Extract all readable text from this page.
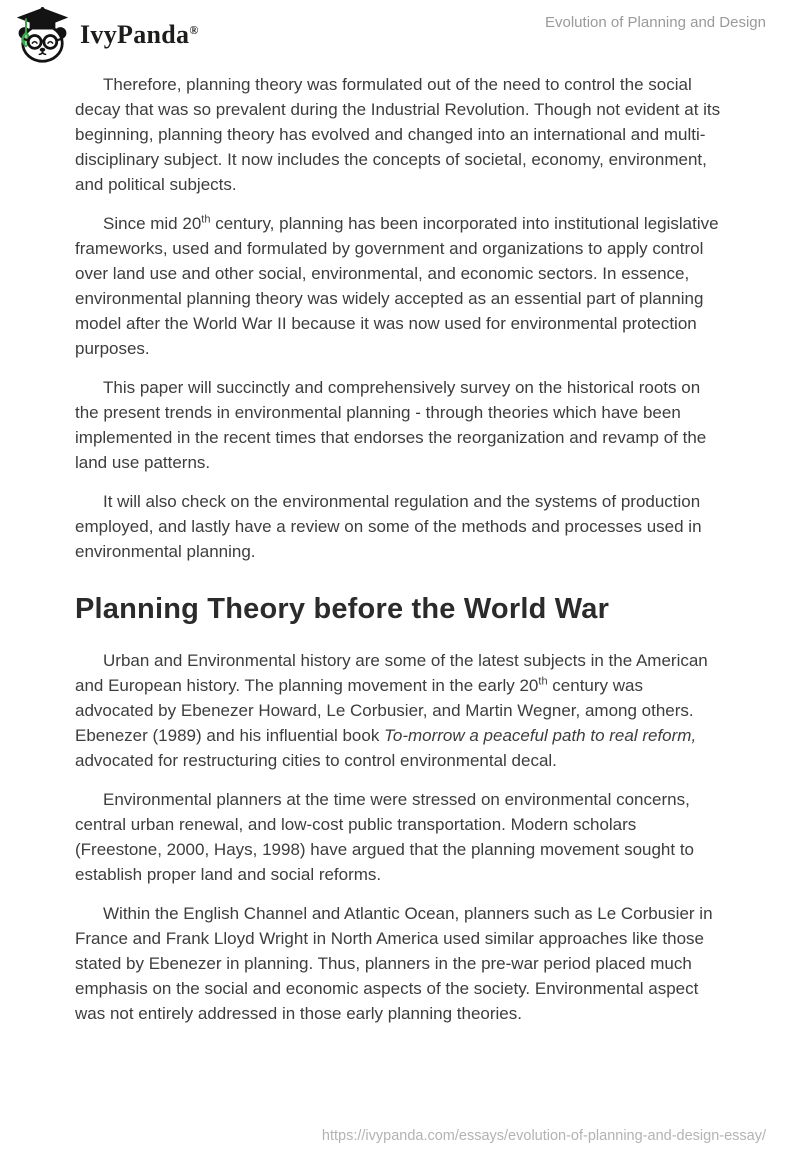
IvyPanda®	Evolution of Planning and Design

Therefore, planning theory was formulated out of the need to control the social decay that was so prevalent during the Industrial Revolution. Though not evident at its beginning, planning theory has evolved and changed into an international and multi-disciplinary subject. It now includes the concepts of societal, economy, environment, and political subjects.

Since mid 20th century, planning has been incorporated into institutional legislative frameworks, used and formulated by government and organizations to apply control over land use and other social, environmental, and economic sectors. In essence, environmental planning theory was widely accepted as an essential part of planning model after the World War II because it was now used for environmental protection purposes.

This paper will succinctly and comprehensively survey on the historical roots on the present trends in environmental planning - through theories which have been implemented in the recent times that endorses the reorganization and revamp of the land use patterns.

It will also check on the environmental regulation and the systems of production employed, and lastly have a review on some of the methods and processes used in environmental planning.

Planning Theory before the World War

Urban and Environmental history are some of the latest subjects in the American and European history. The planning movement in the early 20th century was advocated by Ebenezer Howard, Le Corbusier, and Martin Wegner, among others. Ebenezer (1989) and his influential book To-morrow a peaceful path to real reform, advocated for restructuring cities to control environmental decal.

Environmental planners at the time were stressed on environmental concerns, central urban renewal, and low-cost public transportation. Modern scholars (Freestone, 2000, Hays, 1998) have argued that the planning movement sought to establish proper land and social reforms.

Within the English Channel and Atlantic Ocean, planners such as Le Corbusier in France and Frank Lloyd Wright in North America used similar approaches like those stated by Ebenezer in planning. Thus, planners in the pre-war period placed much emphasis on the social and economic aspects of the society. Environmental aspect was not entirely addressed in those early planning theories.

https://ivypanda.com/essays/evolution-of-planning-and-design-essay/
